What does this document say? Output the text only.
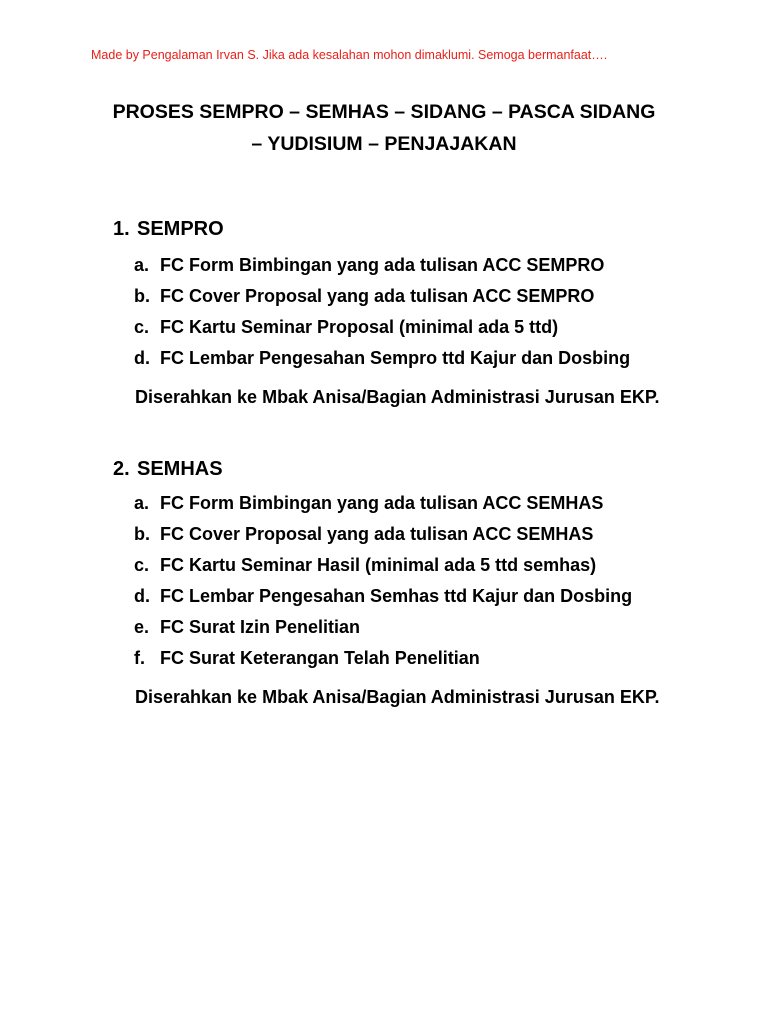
Made by Pengalaman Irvan S. Jika ada kesalahan mohon dimaklumi. Semoga bermanfaat….
PROSES SEMPRO – SEMHAS – SIDANG – PASCA SIDANG
– YUDISIUM – PENJAJAKAN
1. SEMPRO
a. FC Form Bimbingan yang ada tulisan ACC SEMPRO
b. FC Cover Proposal yang ada tulisan ACC SEMPRO
c. FC Kartu Seminar Proposal (minimal ada 5 ttd)
d. FC Lembar Pengesahan Sempro ttd Kajur dan Dosbing
Diserahkan ke Mbak Anisa/Bagian Administrasi Jurusan EKP.
2. SEMHAS
a. FC Form Bimbingan yang ada tulisan ACC SEMHAS
b. FC Cover Proposal yang ada tulisan ACC SEMHAS
c. FC Kartu Seminar Hasil (minimal ada 5 ttd semhas)
d. FC Lembar Pengesahan Semhas ttd Kajur dan Dosbing
e. FC Surat Izin Penelitian
f. FC Surat Keterangan Telah Penelitian
Diserahkan ke Mbak Anisa/Bagian Administrasi Jurusan EKP.
